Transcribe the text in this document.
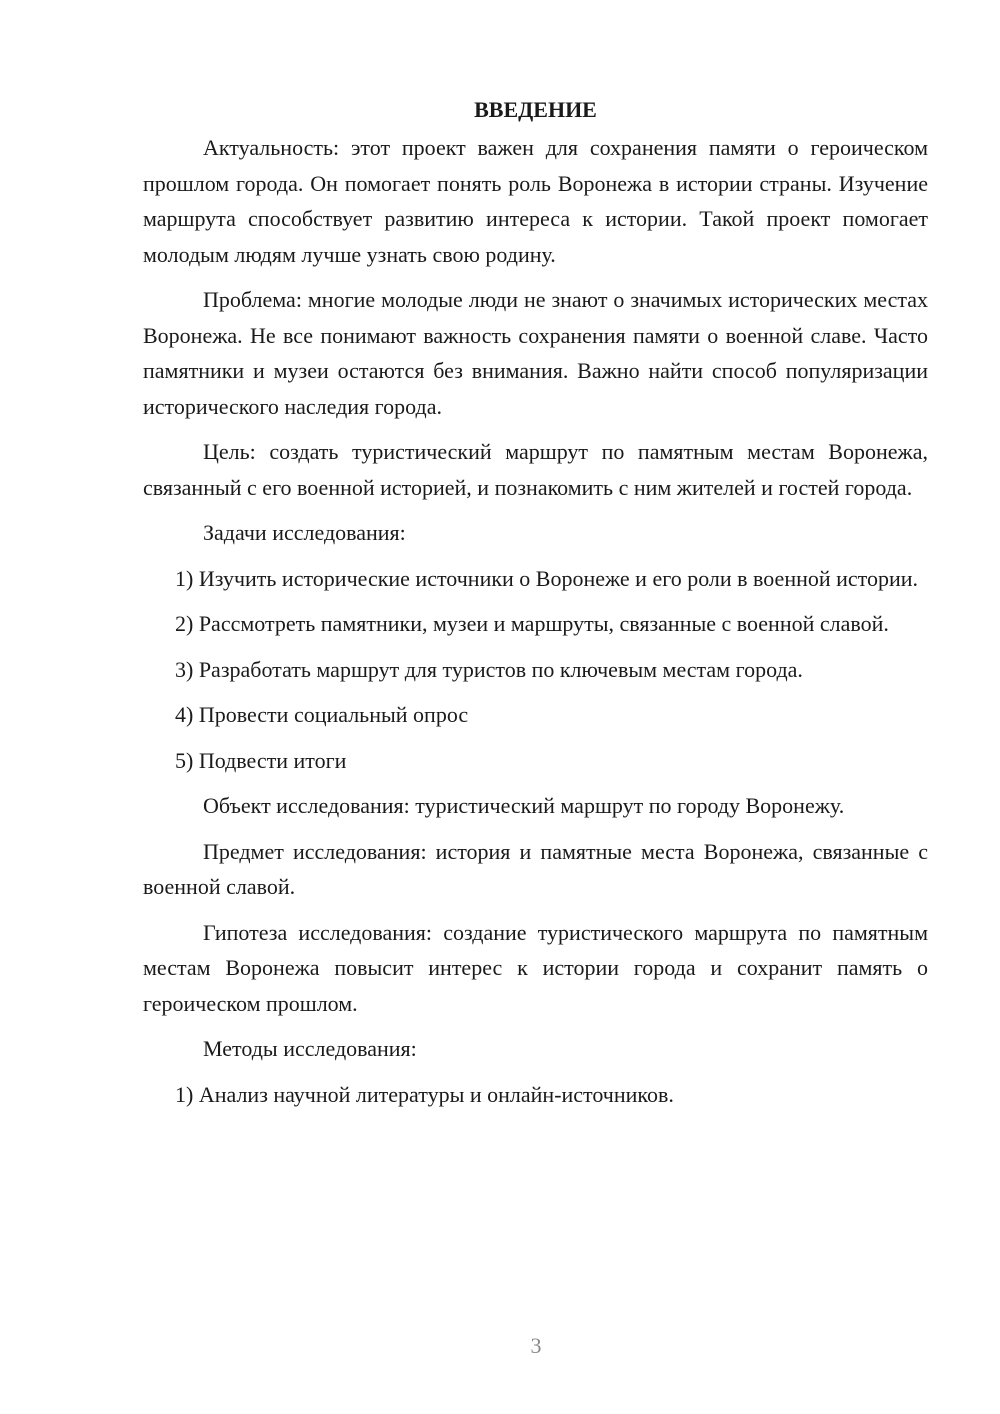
ВВЕДЕНИЕ

Актуальность: этот проект важен для сохранения памяти о героическом прошлом города. Он помогает понять роль Воронежа в истории страны. Изучение маршрута способствует развитию интереса к истории. Такой проект помогает молодым людям лучше узнать свою родину.

Проблема: многие молодые люди не знают о значимых исторических местах Воронежа. Не все понимают важность сохранения памяти о военной славе. Часто памятники и музеи остаются без внимания. Важно найти способ популяризации исторического наследия города.

Цель: создать туристический маршрут по памятным местам Воронежа, связанный с его военной историей, и познакомить с ним жителей и гостей города.

Задачи исследования:

1) Изучить исторические источники о Воронеже и его роли в военной истории.

2) Рассмотреть памятники, музеи и маршруты, связанные с военной славой.

3) Разработать маршрут для туристов по ключевым местам города.

4) Провести социальный опрос

5) Подвести итоги

Объект исследования: туристический маршрут по городу Воронежу.

Предмет исследования: история и памятные места Воронежа, связанные с военной славой.

Гипотеза исследования: создание туристического маршрута по памятным местам Воронежа повысит интерес к истории города и сохранит память о героическом прошлом.

Методы исследования:

1) Анализ научной литературы и онлайн-источников.

3
